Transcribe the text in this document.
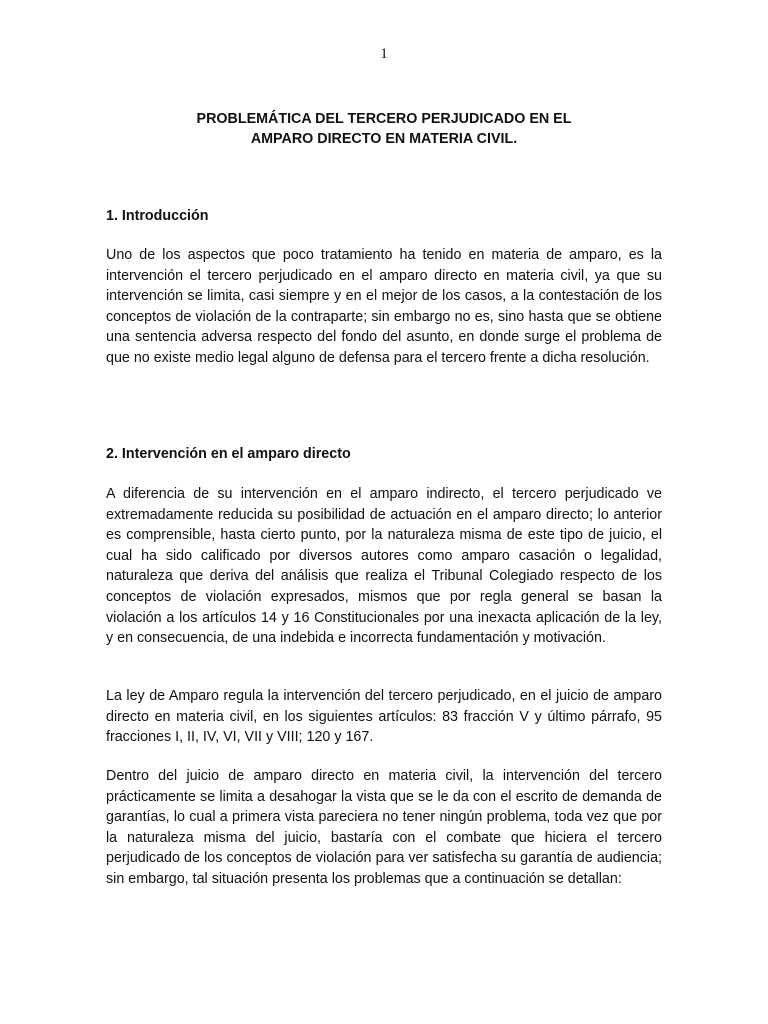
1
PROBLEMÁTICA DEL TERCERO PERJUDICADO EN EL
AMPARO DIRECTO EN MATERIA CIVIL.
1. Introducción

Uno de los aspectos que poco tratamiento ha tenido en materia de amparo, es la intervención el tercero perjudicado en el amparo directo en materia civil, ya que su intervención se limita, casi siempre y en el mejor de los casos, a la contestación de los conceptos de violación de la contraparte; sin embargo no es, sino hasta que se obtiene una sentencia adversa respecto del fondo del asunto, en donde surge el problema de que no existe medio legal alguno de defensa para el tercero frente a dicha resolución.

2. Intervención en el amparo directo

A diferencia de su intervención en el amparo indirecto, el tercero perjudicado ve extremadamente reducida su posibilidad de actuación en el amparo directo; lo anterior es comprensible, hasta cierto punto, por la naturaleza misma de este tipo de juicio, el cual ha sido calificado por diversos autores como amparo casación o legalidad, naturaleza que deriva del análisis que realiza el Tribunal Colegiado respecto de los conceptos de violación expresados, mismos que por regla general se basan la violación a los artículos 14 y 16 Constitucionales por una inexacta aplicación de la ley, y en consecuencia, de una indebida e incorrecta fundamentación y motivación.

La ley de Amparo regula la intervención del tercero perjudicado, en el juicio de amparo directo en materia civil, en los siguientes artículos: 83 fracción V y último párrafo, 95 fracciones I, II, IV, VI, VII y VIII; 120 y 167.

Dentro del juicio de amparo directo en materia civil, la intervención del tercero prácticamente se limita a desahogar la vista que se le da con el escrito de demanda de garantías, lo cual a primera vista pareciera no tener ningún problema, toda vez que por la naturaleza misma del juicio, bastaría con el combate que hiciera el tercero perjudicado de los conceptos de violación para ver satisfecha su garantía de audiencia; sin embargo, tal situación presenta los problemas que a continuación se detallan:
